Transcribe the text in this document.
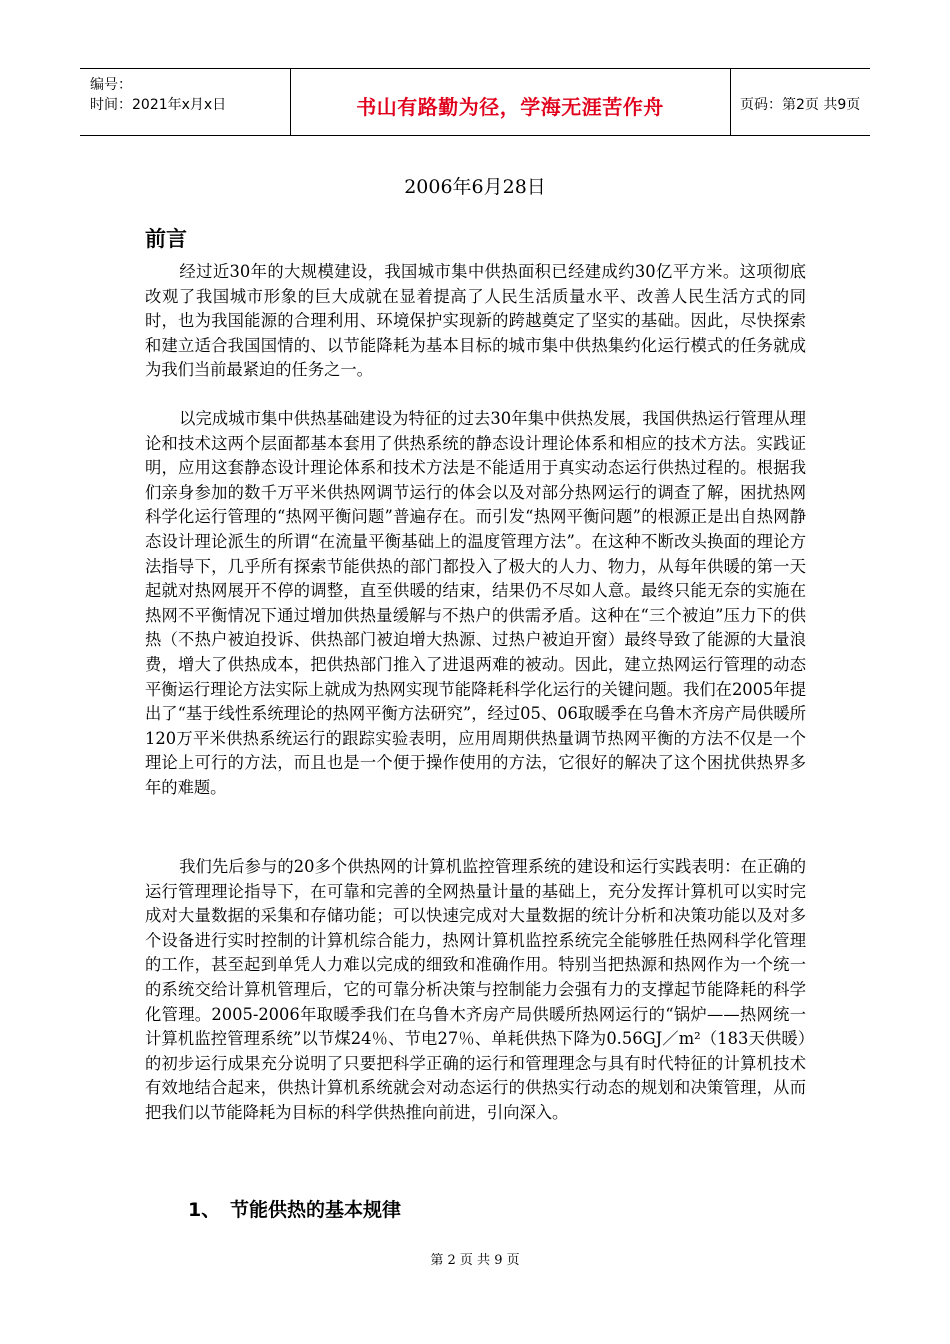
编号：
时间：2021年x月x日	书山有路勤为径，学海无涯苦作舟	页码：第2页 共9页
2006年6月28日
前言
经过近30年的大规模建设，我国城市集中供热面积已经建成约30亿平方米。这项彻底改观了我国城市形象的巨大成就在显着提高了人民生活质量水平、改善人民生活方式的同时，也为我国能源的合理利用、环境保护实现新的跨越奠定了坚实的基础。因此，尽快探索和建立适合我国国情的、以节能降耗为基本目标的城市集中供热集约化运行模式的任务就成为我们当前最紧迫的任务之一。
以完成城市集中供热基础建设为特征的过去30年集中供热发展，我国供热运行管理从理论和技术这两个层面都基本套用了供热系统的静态设计理论体系和相应的技术方法。实践证明，应用这套静态设计理论体系和技术方法是不能适用于真实动态运行供热过程的。根据我们亲身参加的数千万平米供热网调节运行的体会以及对部分热网运行的调查了解，困扰热网科学化运行管理的“热网平衡问题”普遍存在。而引发“热网平衡问题”的根源正是出自热网静态设计理论派生的所谓“在流量平衡基础上的温度管理方法”。在这种不断改头换面的理论方法指导下，几乎所有探索节能供热的部门都投入了极大的人力、物力，从每年供暖的第一天起就对热网展开不停的调整，直至供暖的结束，结果仍不尽如人意。最终只能无奈的实施在热网不平衡情况下通过增加供热量缓解与不热户的供需矛盾。这种在“三个被迫”压力下的供热（不热户被迫投诉、供热部门被迫增大热源、过热户被迫开窗）最终导致了能源的大量浪费，增大了供热成本，把供热部门推入了进退两难的被动。因此，建立热网运行管理的动态平衡运行理论方法实际上就成为热网实现节能降耗科学化运行的关键问题。我们在2005年提出了“基于线性系统理论的热网平衡方法研究”，经过05、06取暖季在乌鲁木齐房产局供暖所120万平米供热系统运行的跟踪实验表明，应用周期供热量调节热网平衡的方法不仅是一个理论上可行的方法，而且也是一个便于操作使用的方法，它很好的解决了这个困扰供热界多年的难题。
我们先后参与的20多个供热网的计算机监控管理系统的建设和运行实践表明：在正确的运行管理理论指导下，在可靠和完善的全网热量计量的基础上，充分发挥计算机可以实时完成对大量数据的采集和存储功能；可以快速完成对大量数据的统计分析和决策功能以及对多个设备进行实时控制的计算机综合能力，热网计算机监控系统完全能够胜任热网科学化管理的工作，甚至起到单凭人力难以完成的细致和准确作用。特别当把热源和热网作为一个统一的系统交给计算机管理后，它的可靠分析决策与控制能力会强有力的支撑起节能降耗的科学化管理。2005-2006年取暖季我们在乌鲁木齐房产局供暖所热网运行的“锅炉——热网统一计算机监控管理系统”以节煤24％、节电27％、单耗供热下降为0.56GJ／m²（183天供暖）的初步运行成果充分说明了只要把科学正确的运行和管理理念与具有时代特征的计算机技术有效地结合起来，供热计算机系统就会对动态运行的供热实行动态的规划和决策管理，从而把我们以节能降耗为目标的科学供热推向前进，引向深入。
1、 节能供热的基本规律
第 2 页 共 9 页
